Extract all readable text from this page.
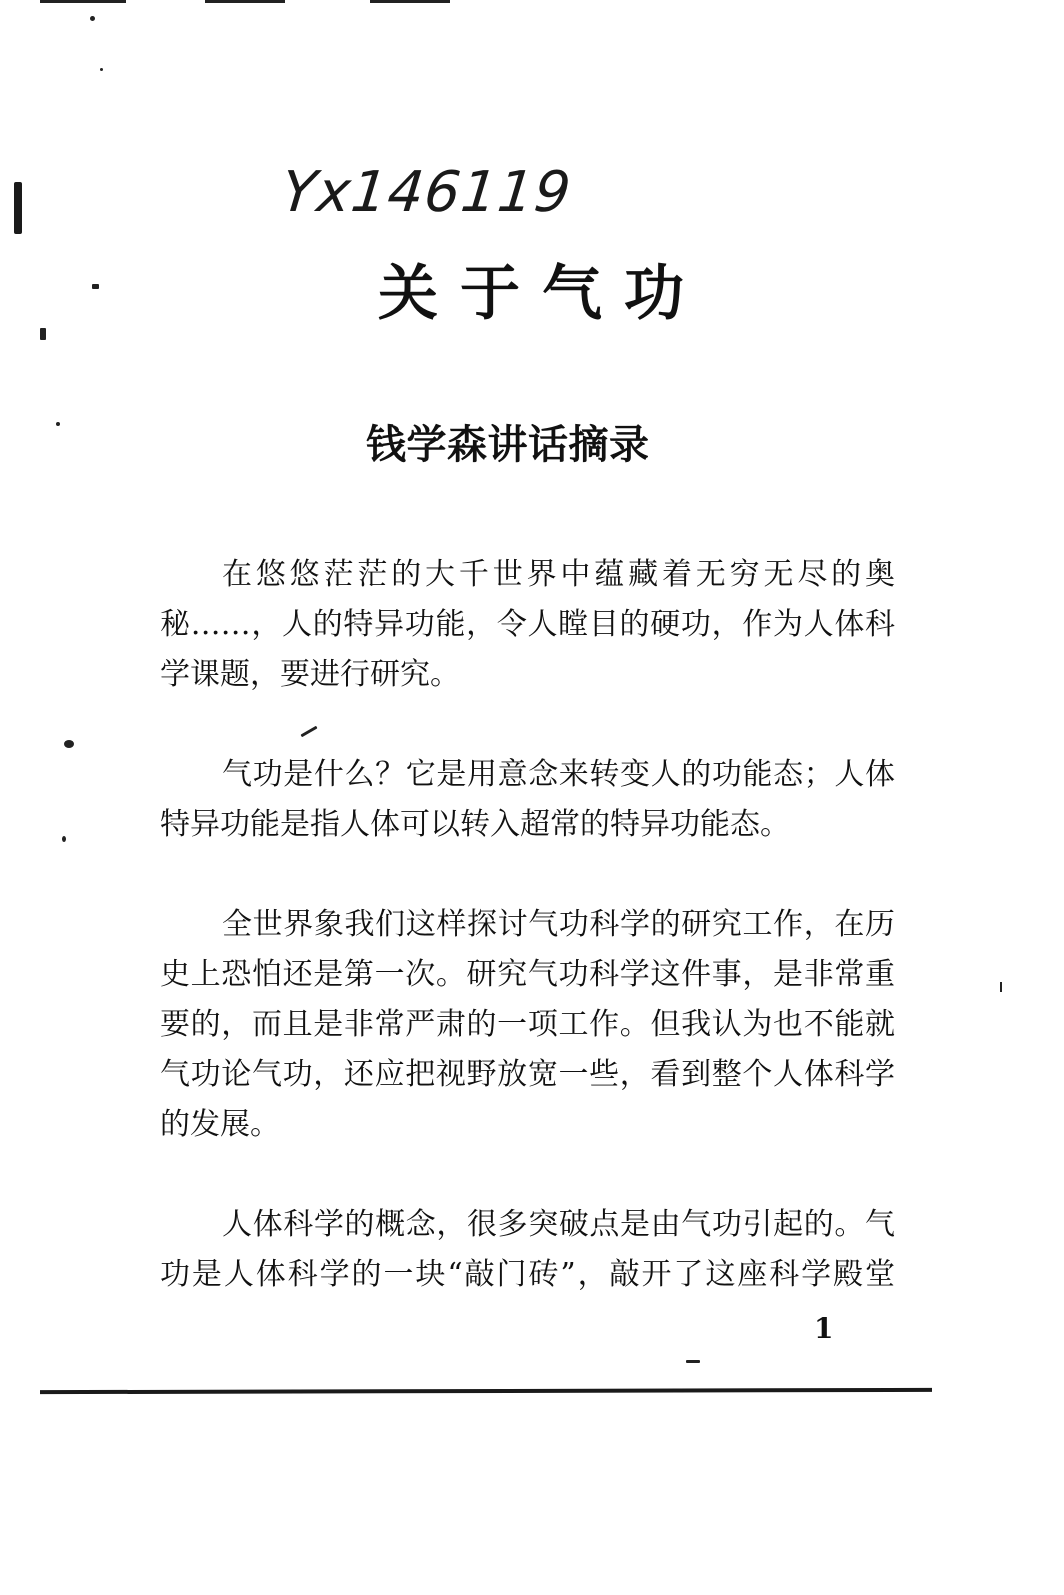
Yx146119
关于气功
钱学森讲话摘录
在悠悠茫茫的大千世界中蕴藏着无穷无尽的奥
秘……，人的特异功能，令人瞠目的硬功，作为人体科
学课题，要进行研究。
气功是什么？它是用意念来转变人的功能态；人体
特异功能是指人体可以转入超常的特异功能态。
全世界象我们这样探讨气功科学的研究工作，在历
史上恐怕还是第一次。研究气功科学这件事，是非常重
要的，而且是非常严肃的一项工作。但我认为也不能就
气功论气功，还应把视野放宽一些，看到整个人体科学
的发展。
人体科学的概念，很多突破点是由气功引起的。气
功是人体科学的一块“敲门砖”，敲开了这座科学殿堂
1
